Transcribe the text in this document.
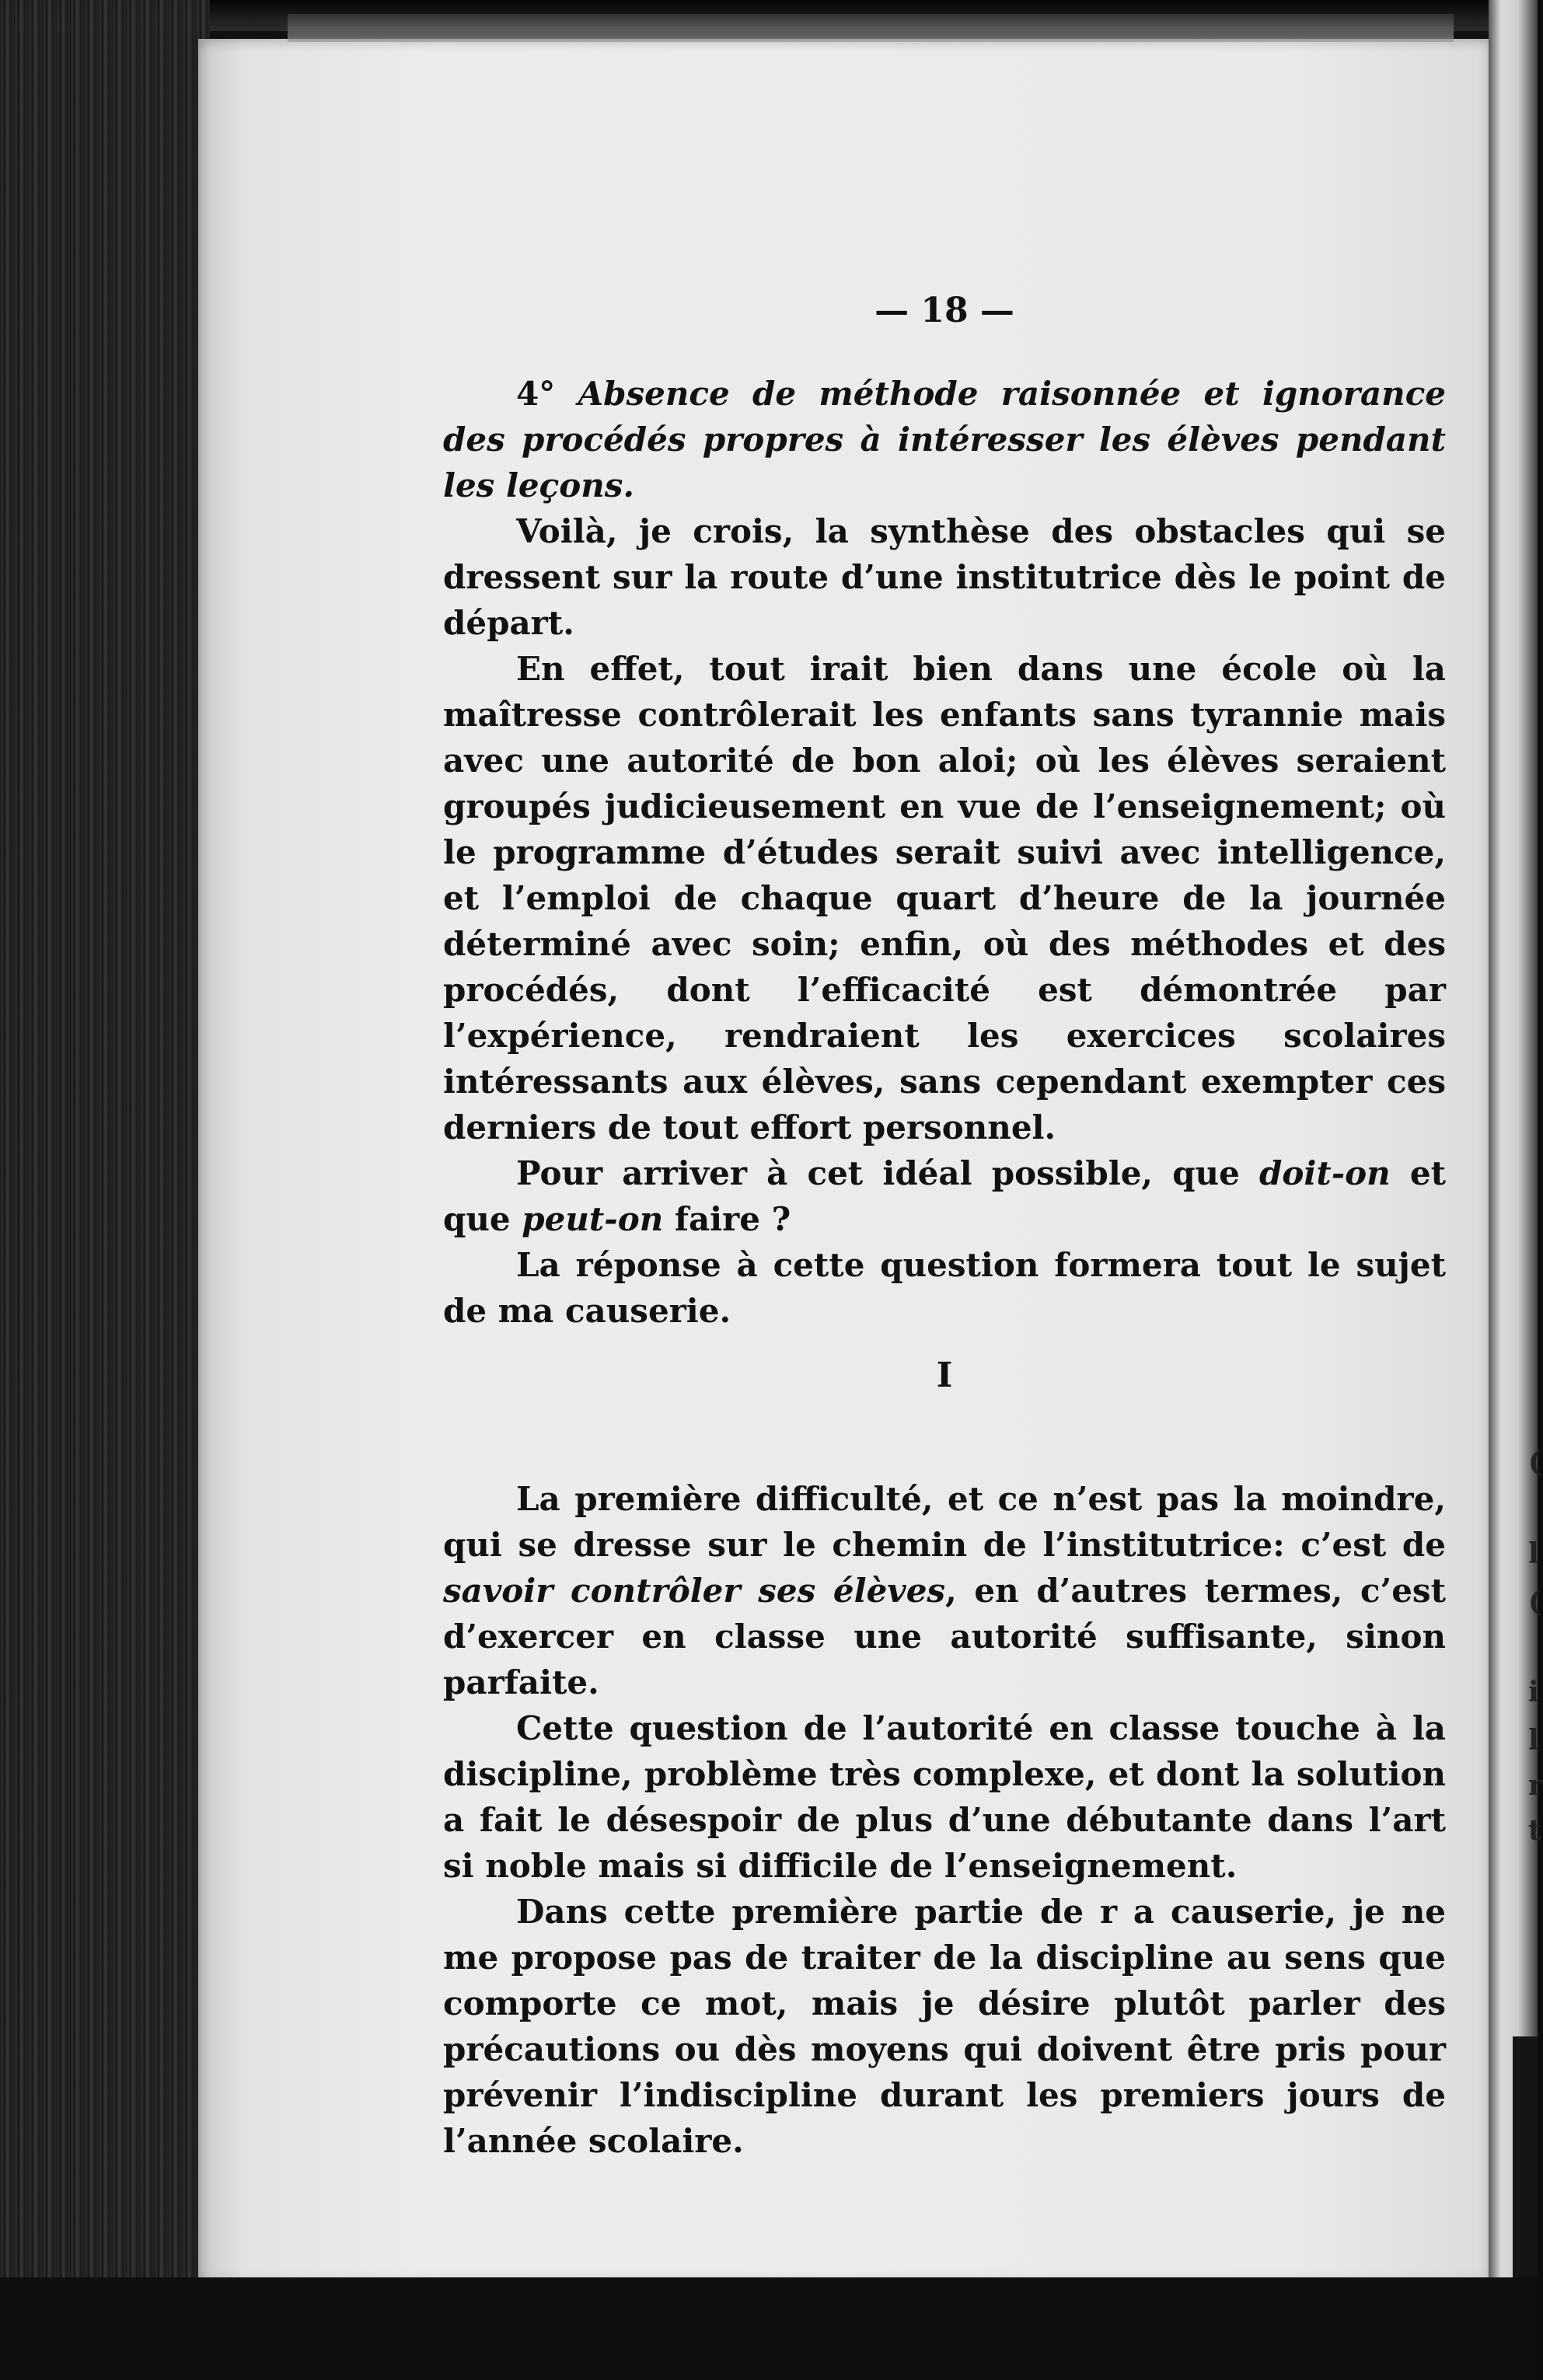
(
l
(
i
l
r
t
— 18 —

4° Absence de méthode raisonnée et ignorance des procédés propres à intéresser les élèves pendant les leçons.

Voilà, je crois, la synthèse des obstacles qui se dressent sur la route d’une institutrice dès le point de départ.

En effet, tout irait bien dans une école où la maîtresse contrôlerait les enfants sans tyrannie mais avec une autorité de bon aloi; où les élèves seraient groupés judicieusement en vue de l’enseignement; où le programme d’études serait suivi avec intelligence, et l’emploi de chaque quart d’heure de la journée déterminé avec soin; enfin, où des méthodes et des procédés, dont l’efficacité est démontrée par l’expérience, rendraient les exercices scolaires intéressants aux élèves, sans cependant exempter ces derniers de tout effort personnel.

Pour arriver à cet idéal possible, que doit-on et que peut-on faire ?

La réponse à cette question formera tout le sujet de ma causerie.

I

La première difficulté, et ce n’est pas la moindre, qui se dresse sur le chemin de l’institutrice: c’est de savoir contrôler ses élèves, en d’autres termes, c’est d’exercer en classe une autorité suffisante, sinon parfaite.

Cette question de l’autorité en classe touche à la discipline, problème très complexe, et dont la solution a fait le désespoir de plus d’une débutante dans l’art si noble mais si difficile de l’enseignement.

Dans cette première partie de r a causerie, je ne me propose pas de traiter de la discipline au sens que comporte ce mot, mais je désire plutôt parler des précautions ou dès moyens qui doivent être pris pour prévenir l’indiscipline durant les premiers jours de l’année scolaire.
